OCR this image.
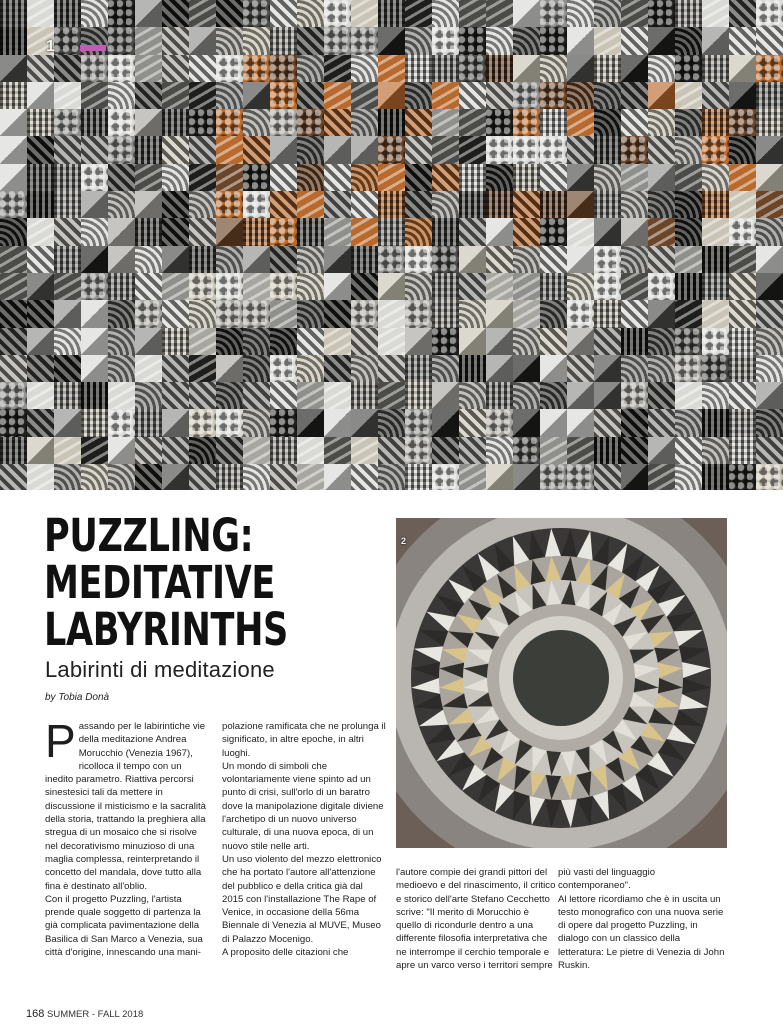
1
PUZZLING:
MEDITATIVE
LABYRINTHS
Labirinti di meditazione

by Tobia Donà

Passando per le labirintiche vie della meditazione Andrea Morucchio (Venezia 1967), ricolloca il tempo con un inedito parametro. Riattiva percorsi sinestesici tali da mettere in discussione il misticismo e la sacralità della storia, trattando la preghiera alla stregua di un mosaico che si risolve nel decorativismo minuzioso di una maglia complessa, reinterpretando il concetto del mandala, dove tutto alla fina è destinato all'oblio.

Con il progetto Puzzling, l'artista prende quale soggetto di partenza la già complicata pavimentazione della Basilica di San Marco a Venezia, sua città d'origine, innescando una mani-

polazione ramificata che ne prolunga il significato, in altre epoche, in altri luoghi.

Un mondo di simboli che volontariamente viene spinto ad un punto di crisi, sull'orlo di un baratro dove la manipolazione digitale diviene l'archetipo di un nuovo universo culturale, di una nuova epoca, di un nuovo stile nelle arti.

Un uso violento del mezzo elettronico che ha portato l'autore all'attenzione del pubblico e della critica già dal 2015 con l'installazione The Rape of Venice, in occasione della 56ma Biennale di Venezia al MUVE, Museo di Palazzo Mocenigo.

A proposito delle citazioni che

l'autore compie dei grandi pittori del medioevo e del rinascimento, il critico e storico dell'arte Stefano Cecchetto scrive: "Il merito di Morucchio è quello di ricondurle dentro a una differente filosofia interpretativa che ne interrompe il cerchio temporale e apre un varco verso i territori sempre

più vasti del linguaggio contemporaneo".

Al lettore ricordiamo che è in uscita un testo monografico con una nuova serie di opere dal progetto Puzzling, in dialogo con un classico della letteratura: Le pietre di Venezia di John Ruskin.

2
168 SUMMER - FALL 2018
